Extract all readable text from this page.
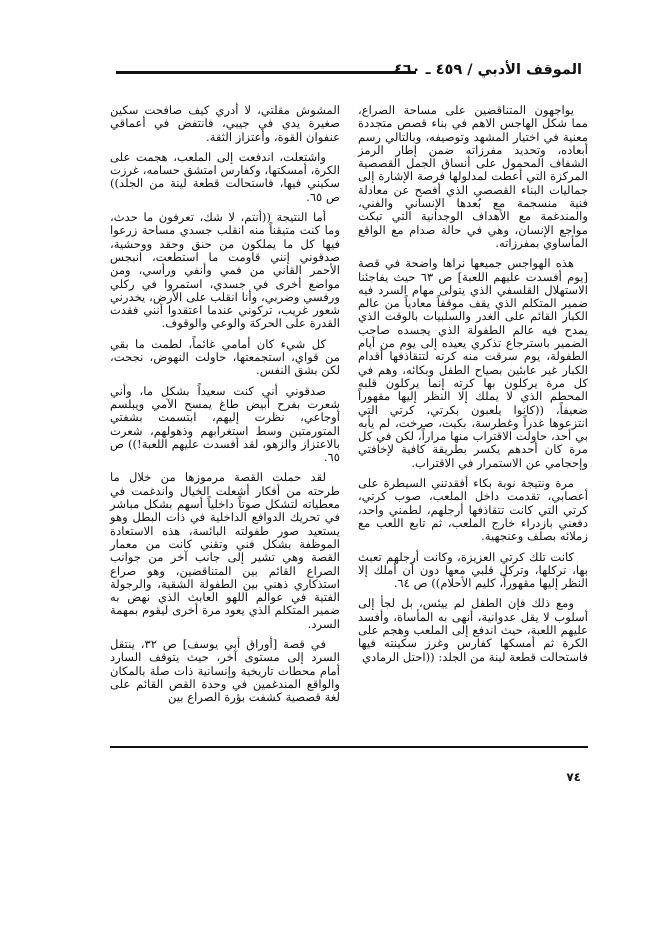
الموقف الأدبي / ٤٥٩ ـ ٤٦٠

يواجهون المتناقضين على مساحة الصراع، مما شكل الهاجس الاهم في بناء قصص متجددة معنية في اختيار المشهد وتوصيفه، وبالتالي رسم أبعاده، وتحديد مفرزاته ضمن إطار الرمز الشفاف المحمول على أنساق الجمل القصصية المركزة التي أعطت لمدلولها فرصة الإشارة إلى جماليات البناء القصصي الذي أفصح عن معادلة فنية منسجمة مع بُعدها الإنساني والفني، والمندغمة مع الأهداف الوجدانية التي تبكت مواجع الإنسان، وهي في حالة صدام مع الواقع المأساوي بمفرزاته.

هذه الهواجس جميعها نراها واضحة في قصة [يوم أفسدت عليهم اللعبة] ص ٦٣ حيث يفاجئنا الاستهلال القلسفي الذي يتولى مهام السرد فيه ضمير المتكلم الذي يقف موقفاً معادياً من عالم الكبار القائم على الغدر والسلبيات بالوقت الذي يمدح فيه عالم الطفولة الذي يجسده صاحب الضمير باسترجاع تذكري يعيده إلى يوم من أيام الطفولة، يوم سرقت منه كرته لتتقاذفها أقدام الكبار غير عابئين بصياح الطفل وبكائه، وهم في كل مرة يركلون بها كرته إنما يركلون قلبه المحطم الذي لا يملك إلا النظر إليها مقهوراً ضعيفاً، ((كانوا يلعبون بكرتي، كرتي التي انتزعوها غدراً وغطرسة، بكيت، صرخت، لم يأبه بي أحد، حاولت الاقتراب منها مراراً، لكن في كل مرة كان أحدهم يكسر بطريقة كافية لإخافتي وإحجامي عن الاستمرار في الاقتراب.

مرة ونتيجة نوبة بكاء أفقدتني السيطرة على أعصابي، تقدمت داخل الملعب، صوب كرتي، كرتي التي كانت تتقاذفها أرجلهم، لطمني واحد، دفعني بازدراء خارج الملعب، ثم تابع اللعب مع زملائه بصلف وعنجهية.

كانت تلك كرتي العزيزة، وكانت أرجلهم تعبث بها، تركلها، وتركل قلبي معها دون أن أملك إلا النظر إليها مقهوراً، كليم الأحلام)) ص ٦٤.

ومع ذلك فإن الطفل لم ييئس، بل لجأ إلى أسلوب لا يقل عدوانية، أنهى به المأساة، وأفسد عليهم اللعبة، حيث اندفع إلى الملعب وهجم على الكرة ثم أمسكها كفارس وغرز سكينته فيها فاستحالت قطعة لينة من الجلد: ((احتل الرمادي

المشوش مقلتي، لا أدري كيف صافحت سكين صغيرة يدي في جيبي، فانتفض في أعماقي عنفوان القوة، وأعتزاز الثقة.

واشتعلت، اندفعت إلى الملعب، هجمت على الكرة، أمسكتها، وكفارس امتشق حسامه، غرزت سكيني فيها، فاستحالت قطعة لينة من الجلد)) ص ٦٥.

أما النتيجة ((أنتم، لا شك، تعرفون ما حدث، وما كنت متيقناً منه انقلب جسدي مساحة زرعوا فيها كل ما يملكون من حنق وحقد ووحشية، صدقوني إنني قاومت ما استطعت، انبجس الأحمر القاني من فمي وأنفي ورأسي، ومن مواضع أخرى في جسدي، استمروا في ركلي ورفسي وضربي، وأنا انقلب على الأرض، يخدرني شعور غريب، تركوني عندما اعتقدوا أنني فقدت القدرة على الحركة والوعي والوقوف.

كل شيء كان أمامي غائماً، لطمت ما بقي من قواي، استجمعتها، حاولت النهوض، نجحت، لكن بشق النفس.

صدقوني أني كنت سعيداً بشكل ما، وأني شعرت بفرح أبيض طاغ يمسح الآمي ويبلسم أوجاعي، نظرت إليهم، ابتسمت بشفتي المتورمتين وسط استغرابهم وذهولهم، شعرت بالاعتزاز والزهو، لقد أفسدت عليهم اللعبة!)) ص ٦٥.

لقد حملت القصة مرموزها من خلال ما طرحته من أفكار أشعلت الخيال واندغمت في معطياته لتشكل صوتاً داخلياً أسهم بشكل مباشر في تحريك الدوافع الداخلية في ذات البطل وهو يستعيد صور طفولته البائسة، هذه الاستعادة الموظفة بشكل فني وتقني كانت من معمار القصة وهي تشير إلى جانب آخر من جوانب الصراع القائم بين المتناقضين، وهو صراع استذكاري ذهني بين الطفولة الشقية، والرجولة الفتية في عوالم اللهو العابث الذي نهض به ضمير المتكلم الذي يعود مرة أخرى ليقوم بمهمة السرد.

في قصة [أوراق أبي يوسف] ص ٣٢، ينتقل السرد إلى مستوى آخر، حيث يتوقف السارد أمام محطات تاريخية وإنسانية ذات صلة بالمكان والواقع المندغمين في وحدة القص القائم على لغة قصصية كشفت بؤرة الصراع بين

٧٤
